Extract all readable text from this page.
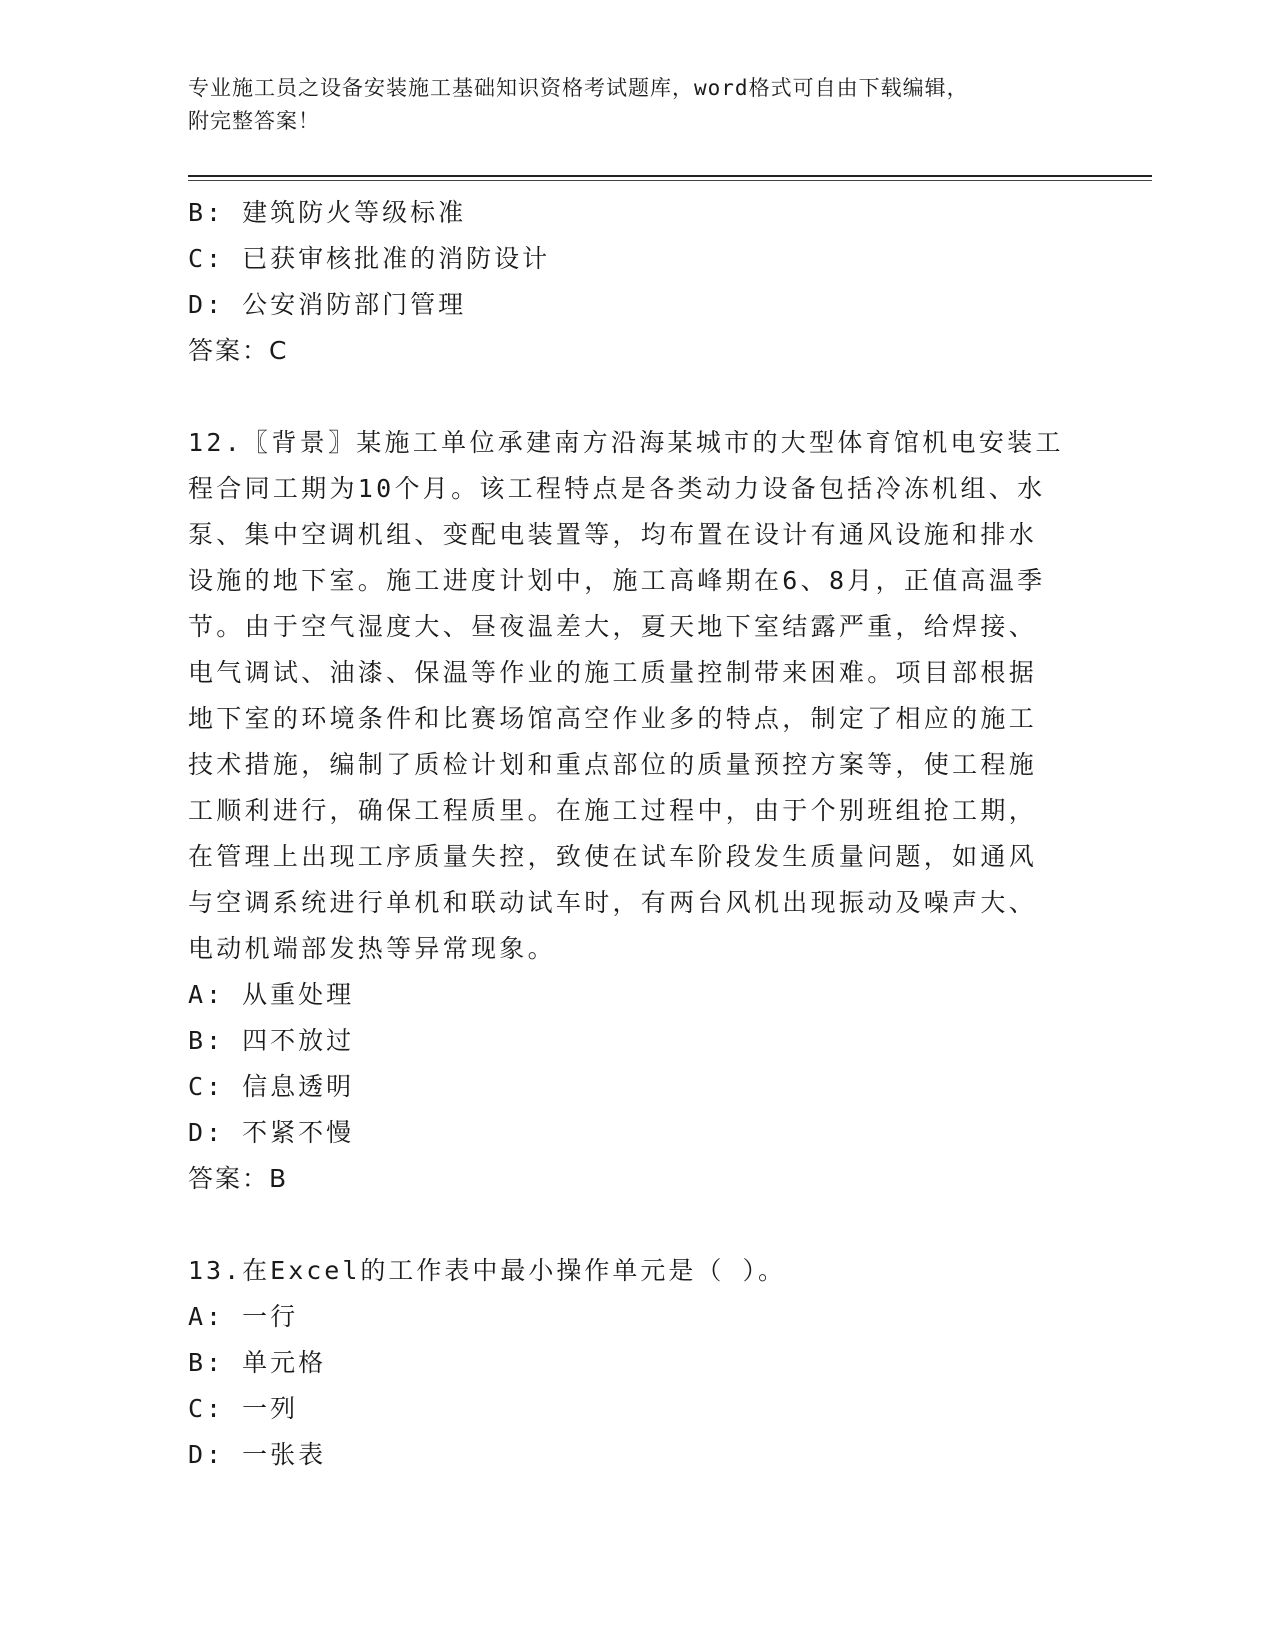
专业施工员之设备安装施工基础知识资格考试题库，word格式可自由下载编辑，
附完整答案！
B: 建筑防火等级标准
C: 已获审核批准的消防设计
D: 公安消防部门管理
答案：C
12.〖背景〗某施工单位承建南方沿海某城市的大型体育馆机电安装工
程合同工期为10个月。该工程特点是各类动力设备包括冷冻机组、水
泵、集中空调机组、变配电装置等，均布置在设计有通风设施和排水
设施的地下室。施工进度计划中，施工高峰期在6、8月，正值高温季
节。由于空气湿度大、昼夜温差大，夏天地下室结露严重，给焊接、
电气调试、油漆、保温等作业的施工质量控制带来困难。项目部根据
地下室的环境条件和比赛场馆高空作业多的特点，制定了相应的施工
技术措施，编制了质检计划和重点部位的质量预控方案等，使工程施
工顺利进行，确保工程质里。在施工过程中，由于个别班组抢工期，
在管理上出现工序质量失控，致使在试车阶段发生质量问题，如通风
与空调系统进行单机和联动试车时，有两台风机出现振动及噪声大、
电动机端部发热等异常现象。
A: 从重处理
B: 四不放过
C: 信息透明
D: 不紧不慢
答案：B
13.在Excel的工作表中最小操作单元是（ ）。
A: 一行
B: 单元格
C: 一列
D: 一张表
